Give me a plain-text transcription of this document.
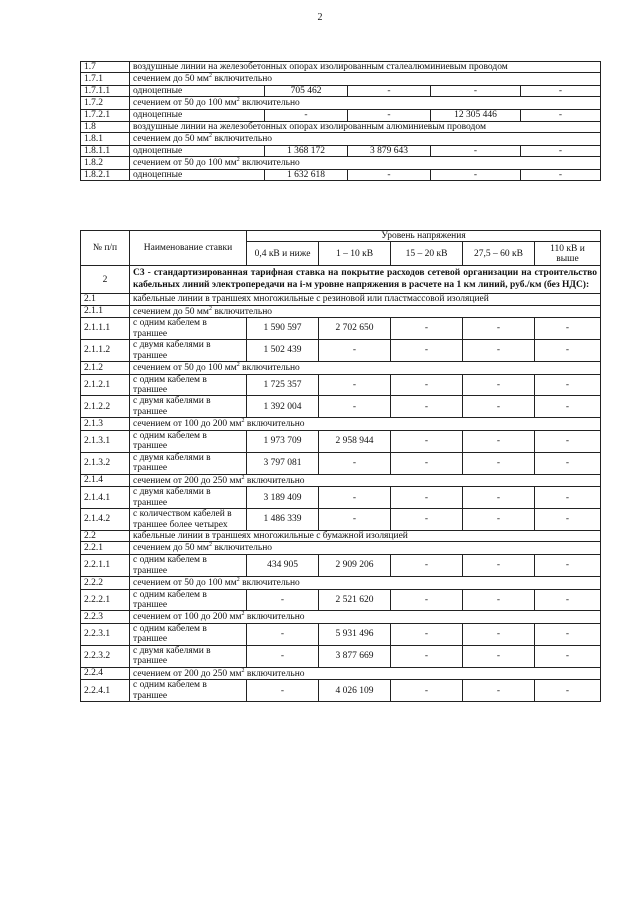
2
1.7	воздушные линии на железобетонных опорах изолированным сталеалюминиевым проводом				
1.7.1	сечением до 50 $мм^2$ включительно				
1.7.1.1	одноцепные	705 462	-	-	-
1.7.2	сечением от 50 до 100 $мм^2$ включительно				
1.7.2.1	одноцепные	-	-	12 305 446	-
1.8	воздушные линии на железобетонных опорах изолированным алюминиевым проводом				
1.8.1	сечением до 50 $мм^2$ включительно				
1.8.1.1	одноцепные	1 368 172	3 879 643	-	-
1.8.2	сечением от 50 до 100 $мм^2$ включительно				
1.8.2.1	одноцепные	1 632 618	-	-	-
№ п/п	Наименование ставки	Уровень напряжения				
		0,4 кВ и ниже	1 – 10 кВ	15 – 20 кВ	27,5 – 60 кВ	110 кВ и выше
2	С3 - стандартизированная тарифная ставка на покрытие расходов сетевой организации на строительство кабельных линий электропередачи на i-м уровне напряжения в расчете на 1 км линий, руб./км (без НДС):					
2.1	кабельные линии в траншеях многожильные с резиновой или пластмассовой изоляцией					
2.1.1	сечением до 50 $мм^2$ включительно					
2.1.1.1	с одним кабелем в траншее	1 590 597	2 702 650	-	-	-
2.1.1.2	с двумя кабелями в траншее	1 502 439	-	-	-	-
2.1.2	сечением от 50 до 100 $мм^2$ включительно					
2.1.2.1	с одним кабелем в траншее	1 725 357	-	-	-	-
2.1.2.2	с двумя кабелями в траншее	1 392 004	-	-	-	-
2.1.3	сечением от 100 до 200 $мм^2$ включительно					
2.1.3.1	с одним кабелем в траншее	1 973 709	2 958 944	-	-	-
2.1.3.2	с двумя кабелями в траншее	3 797 081	-	-	-	-
2.1.4	сечением от 200 до 250 $мм^2$ включительно					
2.1.4.1	с двумя кабелями в траншее	3 189 409	-	-	-	-
2.1.4.2	с количеством кабелей в траншее более четырех	1 486 339	-	-	-	-
2.2	кабельные линии в траншеях многожильные с бумажной изоляцией					
2.2.1	сечением до 50 $мм^2$ включительно					
2.2.1.1	с одним кабелем в траншее	434 905	2 909 206	-	-	-
2.2.2	сечением от 50 до 100 $мм^2$ включительно					
2.2.2.1	с одним кабелем в траншее	-	2 521 620	-	-	-
2.2.3	сечением от 100 до 200 $мм^2$ включительно					
2.2.3.1	с одним кабелем в траншее	-	5 931 496	-	-	-
2.2.3.2	с двумя кабелями в траншее	-	3 877 669	-	-	-
2.2.4	сечением от 200 до 250 $мм^2$ включительно					
2.2.4.1	с одним кабелем в траншее	-	4 026 109	-	-	-
